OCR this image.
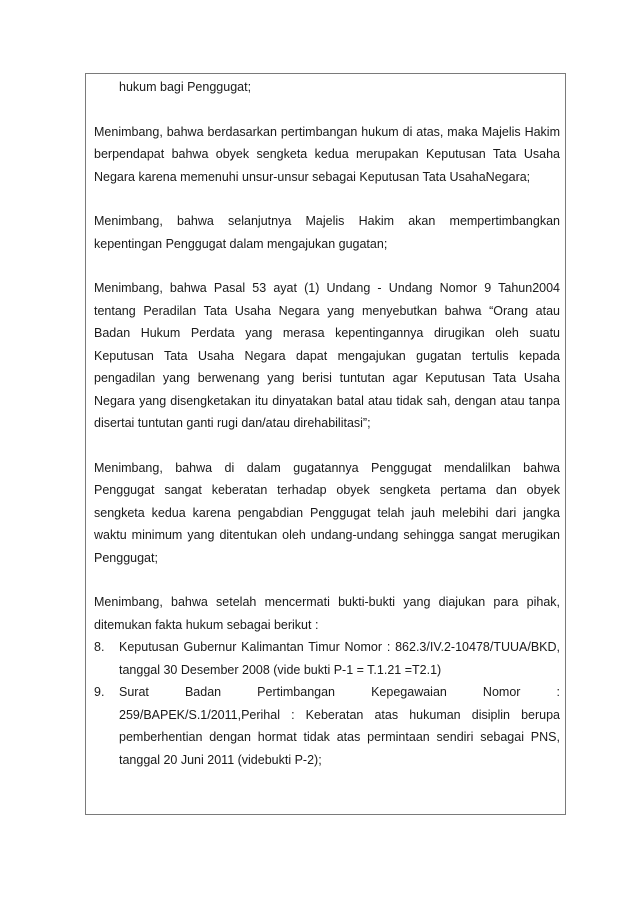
hukum bagi Penggugat;

Menimbang, bahwa berdasarkan pertimbangan hukum di atas, maka Majelis Hakim berpendapat bahwa obyek sengketa kedua merupakan Keputusan Tata Usaha Negara karena memenuhi unsur-unsur sebagai Keputusan Tata UsahaNegara;

Menimbang, bahwa selanjutnya Majelis Hakim akan mempertimbangkan kepentingan Penggugat dalam mengajukan gugatan;

Menimbang, bahwa Pasal 53 ayat (1) Undang - Undang Nomor 9 Tahun2004 tentang Peradilan Tata Usaha Negara yang menyebutkan bahwa “Orang atau Badan Hukum Perdata yang merasa kepentingannya dirugikan oleh suatu Keputusan Tata Usaha Negara dapat mengajukan gugatan tertulis kepada pengadilan yang berwenang yang berisi tuntutan agar Keputusan Tata Usaha Negara yang disengketakan itu dinyatakan batal atau tidak sah, dengan atau tanpa disertai tuntutan ganti rugi dan/atau direhabilitasi”;

Menimbang, bahwa di dalam gugatannya Penggugat mendalilkan bahwa Penggugat sangat keberatan terhadap obyek sengketa pertama dan obyek sengketa kedua karena pengabdian Penggugat telah jauh melebihi dari jangka waktu minimum yang ditentukan oleh undang-undang sehingga sangat merugikan Penggugat;

Menimbang, bahwa setelah mencermati bukti-bukti yang diajukan para pihak, ditemukan fakta hukum sebagai berikut :

8.	Keputusan Gubernur Kalimantan Timur Nomor : 862.3/IV.2-10478/TUUA/BKD, tanggal 30 Desember 2008 (vide bukti P-1 = T.1.21 =T2.1)
9.	Surat Badan Pertimbangan Kepegawaian Nomor : 259/BAPEK/S.1/2011,Perihal : Keberatan atas hukuman disiplin berupa pemberhentian dengan hormat tidak atas permintaan sendiri sebagai PNS, tanggal 20 Juni 2011 (videbukti P-2);
